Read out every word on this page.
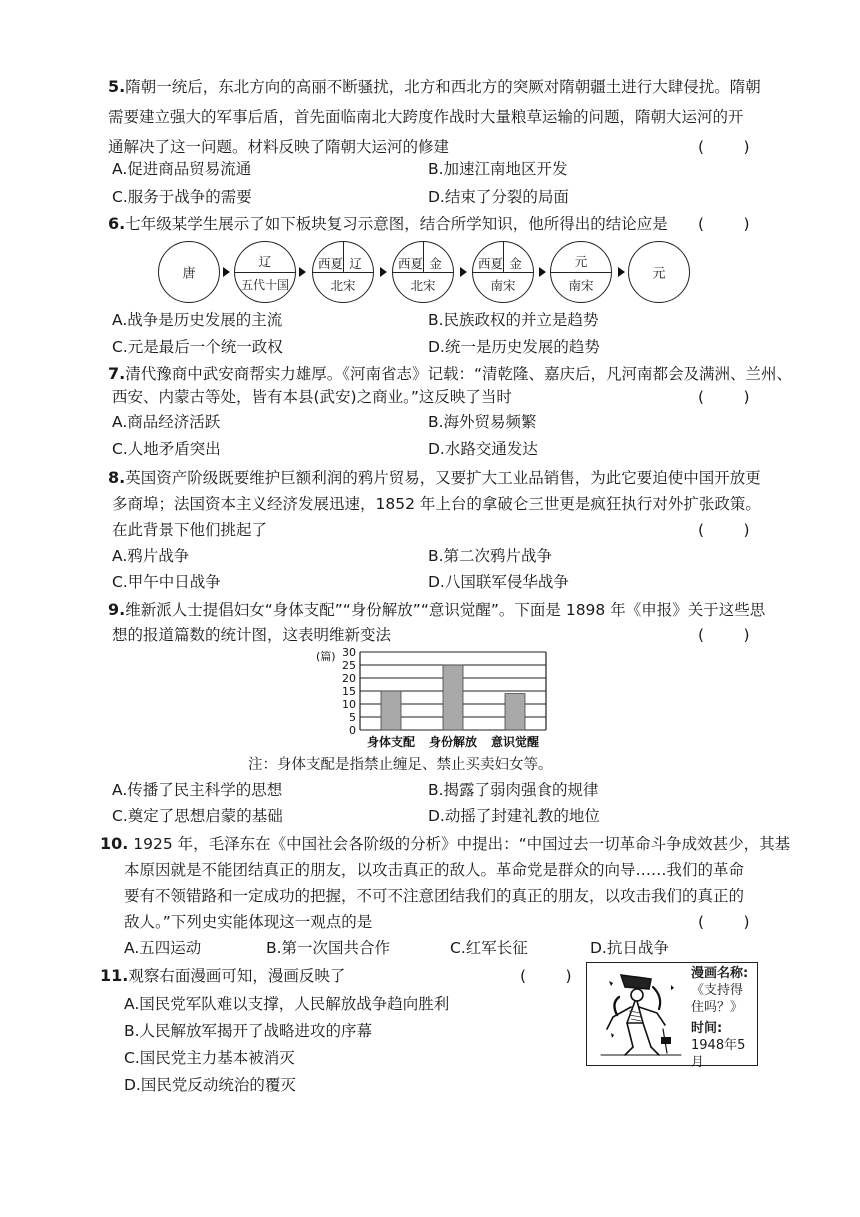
5.隋朝一统后，东北方向的高丽不断骚扰，北方和西北方的突厥对隋朝疆土进行大肆侵扰。隋朝
需要建立强大的军事后盾，首先面临南北大跨度作战时大量粮草运输的问题，隋朝大运河的开
通解决了这一问题。材料反映了隋朝大运河的修建	(        )
A.促进商品贸易流通	B.加速江南地区开发
C.服务于战争的需要	D.结束了分裂的局面
6.七年级某学生展示了如下板块复习示意图，结合所学知识，他所得出的结论应是 (        )
唐
辽
五代十国
西夏 辽
北宋
西夏 金
北宋
西夏 金
南宋
元
南宋
元
A.战争是历史发展的主流	B.民族政权的并立是趋势
C.元是最后一个统一政权	D.统一是历史发展的趋势
7.清代豫商中武安商帮实力雄厚。《河南省志》记载：“清乾隆、嘉庆后，凡河南都会及满洲、兰州、
西安、内蒙古等处，皆有本县(武安)之商业。”这反映了当时	(        )
A.商品经济活跃	B.海外贸易频繁
C.人地矛盾突出	D.水路交通发达
8.英国资产阶级既要维护巨额利润的鸦片贸易，又要扩大工业品销售，为此它要迫使中国开放更
多商埠；法国资本主义经济发展迅速，1852 年上台的拿破仑三世更是疯狂执行对外扩张政策。
在此背景下他们挑起了	(        )
A.鸦片战争	B.第二次鸦片战争
C.甲午中日战争	D.八国联军侵华战争
9.维新派人士提倡妇女“身体支配”“身份解放”“意识觉醒”。下面是 1898 年《申报》关于这些思
想的报道篇数的统计图，这表明维新变法	(        )
(篇)
0
5
10
15
20
25
30
身体支配 身份解放 意识觉醒
注：身体支配是指禁止缠足、禁止买卖妇女等。
A.传播了民主科学的思想	B.揭露了弱肉强食的规律
C.奠定了思想启蒙的基础	D.动摇了封建礼教的地位
10. 1925 年，毛泽东在《中国社会各阶级的分析》中提出：“中国过去一切革命斗争成效甚少，其基
本原因就是不能团结真正的朋友，以攻击真正的敌人。革命党是群众的向导……我们的革命
要有不领错路和一定成功的把握，不可不注意团结我们的真正的朋友，以攻击我们的真正的
敌人。”下列史实能体现这一观点的是	(        )
A.五四运动	B.第一次国共合作	C.红军长征	D.抗日战争
11.观察右面漫画可知，漫画反映了	(        )
A.国民党军队难以支撑，人民解放战争趋向胜利
B.人民解放军揭开了战略进攻的序幕
C.国民党主力基本被消灭
D.国民党反动统治的覆灭
漫画名称:
《支持得住吗？》
时间:
1948年5月
